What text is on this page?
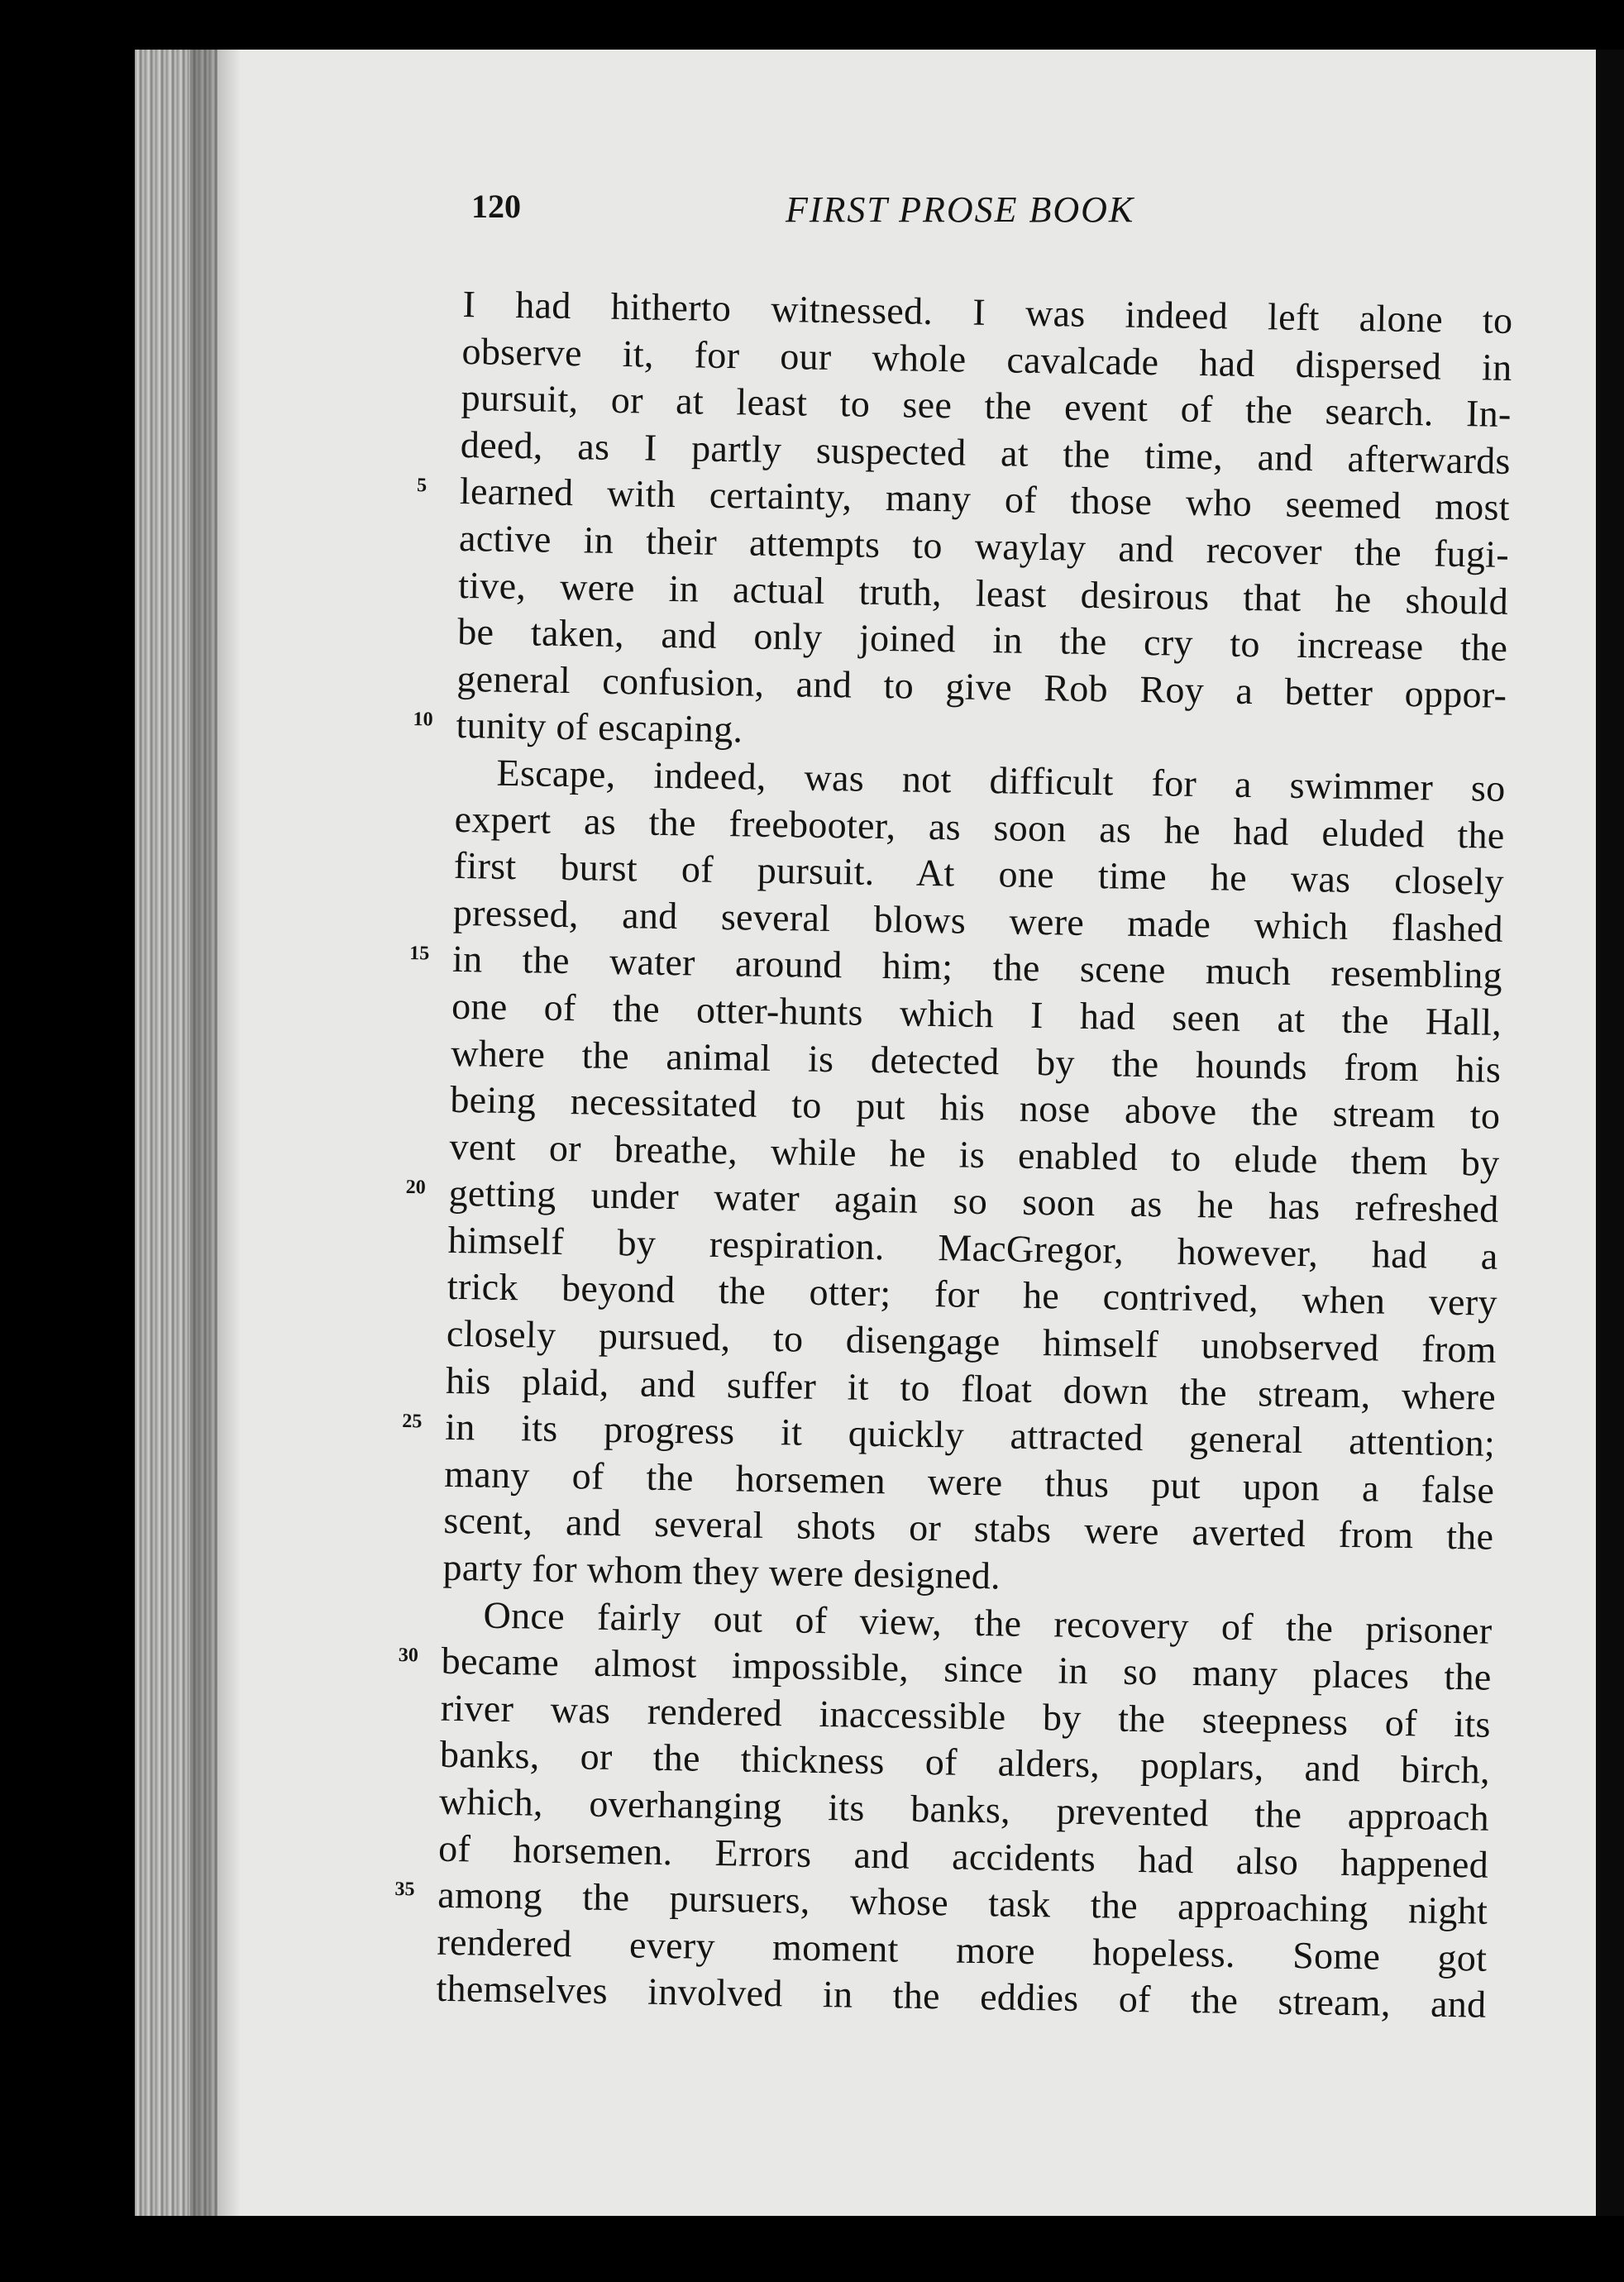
120	FIRST PROSE BOOK
I had hitherto witnessed. I was indeed left alone to
observe it, for our whole cavalcade had dispersed in
pursuit, or at least to see the event of the search. In-
deed, as I partly suspected at the time, and afterwards
learned with certainty, many of those who seemed most
5
active in their attempts to waylay and recover the fugi-
tive, were in actual truth, least desirous that he should
be taken, and only joined in the cry to increase the
general confusion, and to give Rob Roy a better oppor-
tunity of escaping.
10
Escape, indeed, was not difficult for a swimmer so
expert as the freebooter, as soon as he had eluded the
first burst of pursuit. At one time he was closely
pressed, and several blows were made which flashed
in the water around him; the scene much resembling
15
one of the otter-hunts which I had seen at the Hall,
where the animal is detected by the hounds from his
being necessitated to put his nose above the stream to
vent or breathe, while he is enabled to elude them by
getting under water again so soon as he has refreshed
20
himself by respiration. MacGregor, however, had a
trick beyond the otter; for he contrived, when very
closely pursued, to disengage himself unobserved from
his plaid, and suffer it to float down the stream, where
in its progress it quickly attracted general attention;
25
many of the horsemen were thus put upon a false
scent, and several shots or stabs were averted from the
party for whom they were designed.
Once fairly out of view, the recovery of the prisoner
became almost impossible, since in so many places the
30
river was rendered inaccessible by the steepness of its
banks, or the thickness of alders, poplars, and birch,
which, overhanging its banks, prevented the approach
of horsemen. Errors and accidents had also happened
among the pursuers, whose task the approaching night
35
rendered every moment more hopeless. Some got
themselves involved in the eddies of the stream, and
